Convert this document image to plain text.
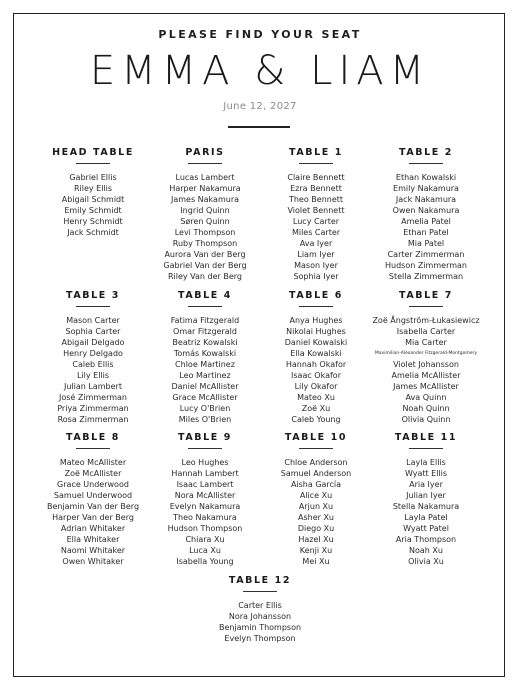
PLEASE FIND YOUR SEAT
EMMA & LIAM
June 12, 2027
HEAD TABLE
Gabriel Ellis
Riley Ellis
Abigail Schmidt
Emily Schmidt
Henry Schmidt
Jack Schmidt
PARIS
Lucas Lambert
Harper Nakamura
James Nakamura
Ingrid Quinn
Søren Quinn
Levi Thompson
Ruby Thompson
Aurora Van der Berg
Gabriel Van der Berg
Riley Van der Berg
TABLE 1
Claire Bennett
Ezra Bennett
Theo Bennett
Violet Bennett
Lucy Carter
Miles Carter
Ava Iyer
Liam Iyer
Mason Iyer
Sophia Iyer
TABLE 2
Ethan Kowalski
Emily Nakamura
Jack Nakamura
Owen Nakamura
Amelia Patel
Ethan Patel
Mia Patel
Carter Zimmerman
Hudson Zimmerman
Stella Zimmerman
TABLE 3
Mason Carter
Sophia Carter
Abigail Delgado
Henry Delgado
Caleb Ellis
Lily Ellis
Julian Lambert
José Zimmerman
Priya Zimmerman
Rosa Zimmerman
TABLE 4
Fatima Fitzgerald
Omar Fitzgerald
Beatriz Kowalski
Tomás Kowalski
Chloe Martinez
Leo Martinez
Daniel McAllister
Grace McAllister
Lucy O'Brien
Miles O'Brien
TABLE 6
Anya Hughes
Nikolai Hughes
Daniel Kowalski
Ella Kowalski
Hannah Okafor
Isaac Okafor
Lily Okafor
Mateo Xu
Zoë Xu
Caleb Young
TABLE 7
Zoë Ångström-Łukasiewicz
Isabella Carter
Mia Carter
Maximilian-Alexander Fitzgerald-Montgomery
Violet Johansson
Amelia McAllister
James McAllister
Ava Quinn
Noah Quinn
Olivia Quinn
TABLE 8
Mateo McAllister
Zoë McAllister
Grace Underwood
Samuel Underwood
Benjamin Van der Berg
Harper Van der Berg
Adrian Whitaker
Ella Whitaker
Naomi Whitaker
Owen Whitaker
TABLE 9
Leo Hughes
Hannah Lambert
Isaac Lambert
Nora McAllister
Evelyn Nakamura
Theo Nakamura
Hudson Thompson
Chiara Xu
Luca Xu
Isabella Young
TABLE 10
Chloe Anderson
Samuel Anderson
Aisha García
Alice Xu
Arjun Xu
Asher Xu
Diego Xu
Hazel Xu
Kenji Xu
Mei Xu
TABLE 11
Layla Ellis
Wyatt Ellis
Aria Iyer
Julian Iyer
Stella Nakamura
Layla Patel
Wyatt Patel
Aria Thompson
Noah Xu
Olivia Xu
TABLE 12
Carter Ellis
Nora Johansson
Benjamin Thompson
Evelyn Thompson
